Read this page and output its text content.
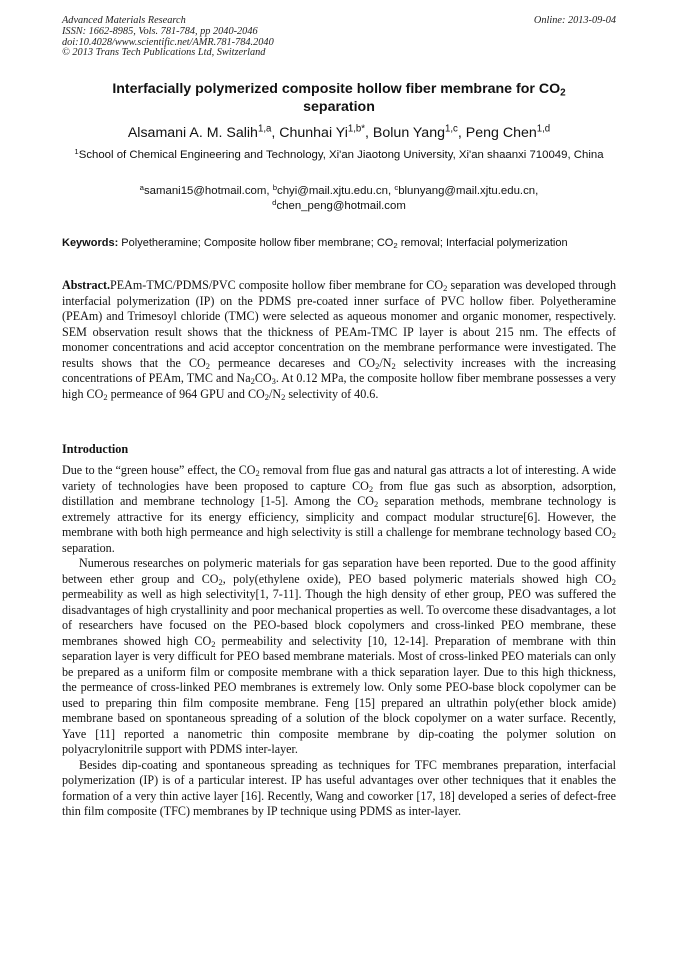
Advanced Materials Research
ISSN: 1662-8985, Vols. 781-784, pp 2040-2046
doi:10.4028/www.scientific.net/AMR.781-784.2040
© 2013 Trans Tech Publications Ltd, Switzerland
Online: 2013-09-04
Interfacially polymerized composite hollow fiber membrane for $CO_2$
separation
Alsamani A. M. Salih$^{1,a}$, Chunhai $Yi^{1,b*}$, Bolun Yang$^{1,c}$, Peng Chen$^{1,d}$
$^1$School of Chemical Engineering and Technology, Xi'an Jiaotong University, Xi'an shaanxi 710049, China
$^a$samani15@hotmail.com, $^b$chyi@mail.xjtu.edu.cn, $^c$blunyang@mail.xjtu.edu.cn,
$^d$chen_peng@hotmail.com
Keywords: Polyetheramine; Composite hollow fiber membrane; $CO_2$ removal; Interfacial polymerization
Abstract.PEAm-TMC/PDMS/PVC composite hollow fiber membrane for $CO_2$ separation was developed through interfacial polymerization (IP) on the PDMS pre-coated inner surface of PVC hollow fiber. Polyetheramine (PEAm) and Trimesoyl chloride (TMC) were selected as aqueous monomer and organic monomer, respectively. SEM observation result shows that the thickness of PEAm-TMC IP layer is about 215 nm. The effects of monomer concentrations and acid acceptor concentration on the membrane performance were investigated. The results shows that the $CO_2$ permeance decareses and $CO_2/N_2$ selectivity increases with the increasing concentrations of PEAm, TMC and $Na_2CO_3$. At 0.12 MPa, the composite hollow fiber membrane possesses a very high $CO_2$ permeance of 964 GPU and $CO_2/N_2$ selectivity of 40.6.
Introduction

Due to the “green house” effect, the $CO_2$ removal from flue gas and natural gas attracts a lot of interesting. A wide variety of technologies have been proposed to capture $CO_2$ from flue gas such as absorption, adsorption, distillation and membrane technology [1-5]. Among the $CO_2$ separation methods, membrane technology is extremely attractive for its energy efficiency, simplicity and compact modular structure[6]. However, the membrane with both high permeance and high selectivity is still a challenge for membrane technology based $CO_2$ separation.

Numerous researches on polymeric materials for gas separation have been reported. Due to the good affinity between ether group and $CO_2$, poly(ethylene oxide), PEO based polymeric materials showed high $CO_2$ permeability as well as high selectivity[1, 7-11]. Though the high density of ether group, PEO was suffered the disadvantages of high crystallinity and poor mechanical properties as well. To overcome these disadvantages, a lot of researchers have focused on the PEO-based block copolymers and cross-linked PEO membrane, these membranes showed high $CO_2$ permeability and selectivity [10, 12-14]. Preparation of membrane with thin separation layer is very difficult for PEO based membrane materials. Most of cross-linked PEO materials can only be prepared as a uniform film or composite membrane with a thick separation layer. Due to this high thickness, the permeance of cross-linked PEO membranes is extremely low. Only some PEO-base block copolymer can be used to preparing thin film composite membrane. Feng [15] prepared an ultrathin poly(ether block amide) membrane based on spontaneous spreading of a solution of the block copolymer on a water surface. Recently, Yave [11] reported a nanometric thin composite membrane by dip-coating the polymer solution on polyacrylonitrile support with PDMS inter-layer.

Besides dip-coating and spontaneous spreading as techniques for TFC membranes preparation, interfacial polymerization (IP) is of a particular interest. IP has useful advantages over other techniques that it enables the formation of a very thin active layer [16]. Recently, Wang and coworker [17, 18] developed a series of defect-free thin film composite (TFC) membranes by IP technique using PDMS as inter-layer.
